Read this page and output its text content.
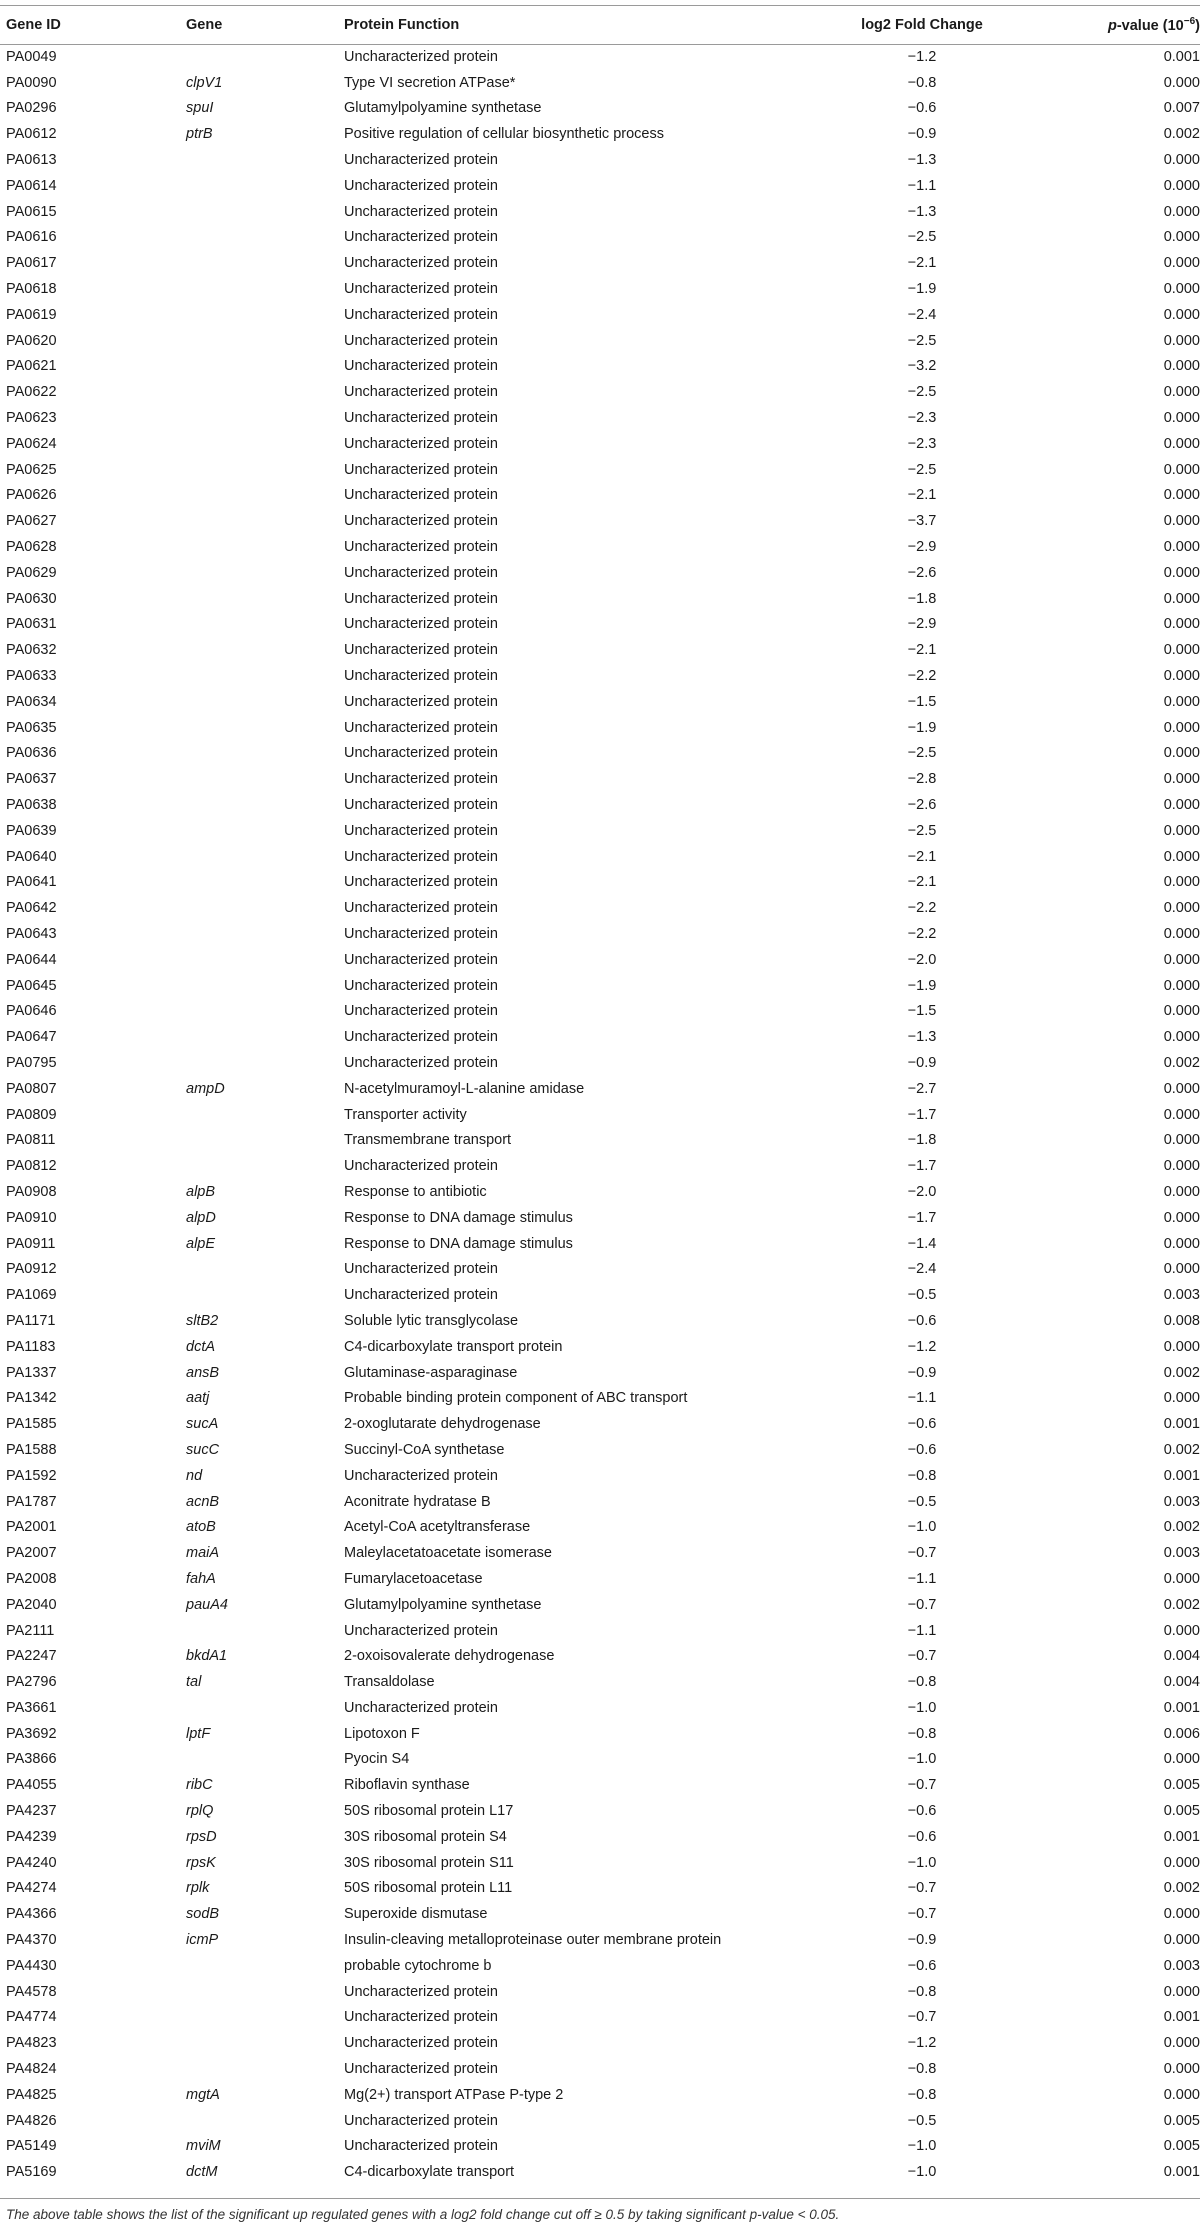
Gene ID	Gene	Protein Function	log2 Fold Change	p-value $(10^{-6})$
PA0049		Uncharacterized protein	−1.2	0.001
PA0090	clpV1	Type VI secretion ATPase*	−0.8	0.000
PA0296	spuI	Glutamylpolyamine synthetase	−0.6	0.007
PA0612	ptrB	Positive regulation of cellular biosynthetic process	−0.9	0.002
PA0613		Uncharacterized protein	−1.3	0.000
PA0614		Uncharacterized protein	−1.1	0.000
PA0615		Uncharacterized protein	−1.3	0.000
PA0616		Uncharacterized protein	−2.5	0.000
PA0617		Uncharacterized protein	−2.1	0.000
PA0618		Uncharacterized protein	−1.9	0.000
PA0619		Uncharacterized protein	−2.4	0.000
PA0620		Uncharacterized protein	−2.5	0.000
PA0621		Uncharacterized protein	−3.2	0.000
PA0622		Uncharacterized protein	−2.5	0.000
PA0623		Uncharacterized protein	−2.3	0.000
PA0624		Uncharacterized protein	−2.3	0.000
PA0625		Uncharacterized protein	−2.5	0.000
PA0626		Uncharacterized protein	−2.1	0.000
PA0627		Uncharacterized protein	−3.7	0.000
PA0628		Uncharacterized protein	−2.9	0.000
PA0629		Uncharacterized protein	−2.6	0.000
PA0630		Uncharacterized protein	−1.8	0.000
PA0631		Uncharacterized protein	−2.9	0.000
PA0632		Uncharacterized protein	−2.1	0.000
PA0633		Uncharacterized protein	−2.2	0.000
PA0634		Uncharacterized protein	−1.5	0.000
PA0635		Uncharacterized protein	−1.9	0.000
PA0636		Uncharacterized protein	−2.5	0.000
PA0637		Uncharacterized protein	−2.8	0.000
PA0638		Uncharacterized protein	−2.6	0.000
PA0639		Uncharacterized protein	−2.5	0.000
PA0640		Uncharacterized protein	−2.1	0.000
PA0641		Uncharacterized protein	−2.1	0.000
PA0642		Uncharacterized protein	−2.2	0.000
PA0643		Uncharacterized protein	−2.2	0.000
PA0644		Uncharacterized protein	−2.0	0.000
PA0645		Uncharacterized protein	−1.9	0.000
PA0646		Uncharacterized protein	−1.5	0.000
PA0647		Uncharacterized protein	−1.3	0.000
PA0795		Uncharacterized protein	−0.9	0.002
PA0807	ampD	N-acetylmuramoyl-L-alanine amidase	−2.7	0.000
PA0809		Transporter activity	−1.7	0.000
PA0811		Transmembrane transport	−1.8	0.000
PA0812		Uncharacterized protein	−1.7	0.000
PA0908	alpB	Response to antibiotic	−2.0	0.000
PA0910	alpD	Response to DNA damage stimulus	−1.7	0.000
PA0911	alpE	Response to DNA damage stimulus	−1.4	0.000
PA0912		Uncharacterized protein	−2.4	0.000
PA1069		Uncharacterized protein	−0.5	0.003
PA1171	sltB2	Soluble lytic transglycolase	−0.6	0.008
PA1183	dctA	C4-dicarboxylate transport protein	−1.2	0.000
PA1337	ansB	Glutaminase-asparaginase	−0.9	0.002
PA1342	aatj	Probable binding protein component of ABC transport	−1.1	0.000
PA1585	sucA	2-oxoglutarate dehydrogenase	−0.6	0.001
PA1588	sucC	Succinyl-CoA synthetase	−0.6	0.002
PA1592	nd	Uncharacterized protein	−0.8	0.001
PA1787	acnB	Aconitrate hydratase B	−0.5	0.003
PA2001	atoB	Acetyl-CoA acetyltransferase	−1.0	0.002
PA2007	maiA	Maleylacetatoacetate isomerase	−0.7	0.003
PA2008	fahA	Fumarylacetoacetase	−1.1	0.000
PA2040	pauA4	Glutamylpolyamine synthetase	−0.7	0.002
PA2111		Uncharacterized protein	−1.1	0.000
PA2247	bkdA1	2-oxoisovalerate dehydrogenase	−0.7	0.004
PA2796	tal	Transaldolase	−0.8	0.004
PA3661		Uncharacterized protein	−1.0	0.001
PA3692	lptF	Lipotoxon F	−0.8	0.006
PA3866		Pyocin S4	−1.0	0.000
PA4055	ribC	Riboflavin synthase	−0.7	0.005
PA4237	rplQ	50S ribosomal protein L17	−0.6	0.005
PA4239	rpsD	30S ribosomal protein S4	−0.6	0.001
PA4240	rpsK	30S ribosomal protein S11	−1.0	0.000
PA4274	rplk	50S ribosomal protein L11	−0.7	0.002
PA4366	sodB	Superoxide dismutase	−0.7	0.000
PA4370	icmP	Insulin-cleaving metalloproteinase outer membrane protein	−0.9	0.000
PA4430		probable cytochrome b	−0.6	0.003
PA4578		Uncharacterized protein	−0.8	0.000
PA4774		Uncharacterized protein	−0.7	0.001
PA4823		Uncharacterized protein	−1.2	0.000
PA4824		Uncharacterized protein	−0.8	0.000
PA4825	mgtA	Mg(2+) transport ATPase P-type 2	−0.8	0.000
PA4826		Uncharacterized protein	−0.5	0.005
PA5149	mviM	Uncharacterized protein	−1.0	0.005
PA5169	dctM	C4-dicarboxylate transport	−1.0	0.001
The above table shows the list of the significant up regulated genes with a log2 fold change cut off ≥ 0.5 by taking significant p-value < 0.05.
